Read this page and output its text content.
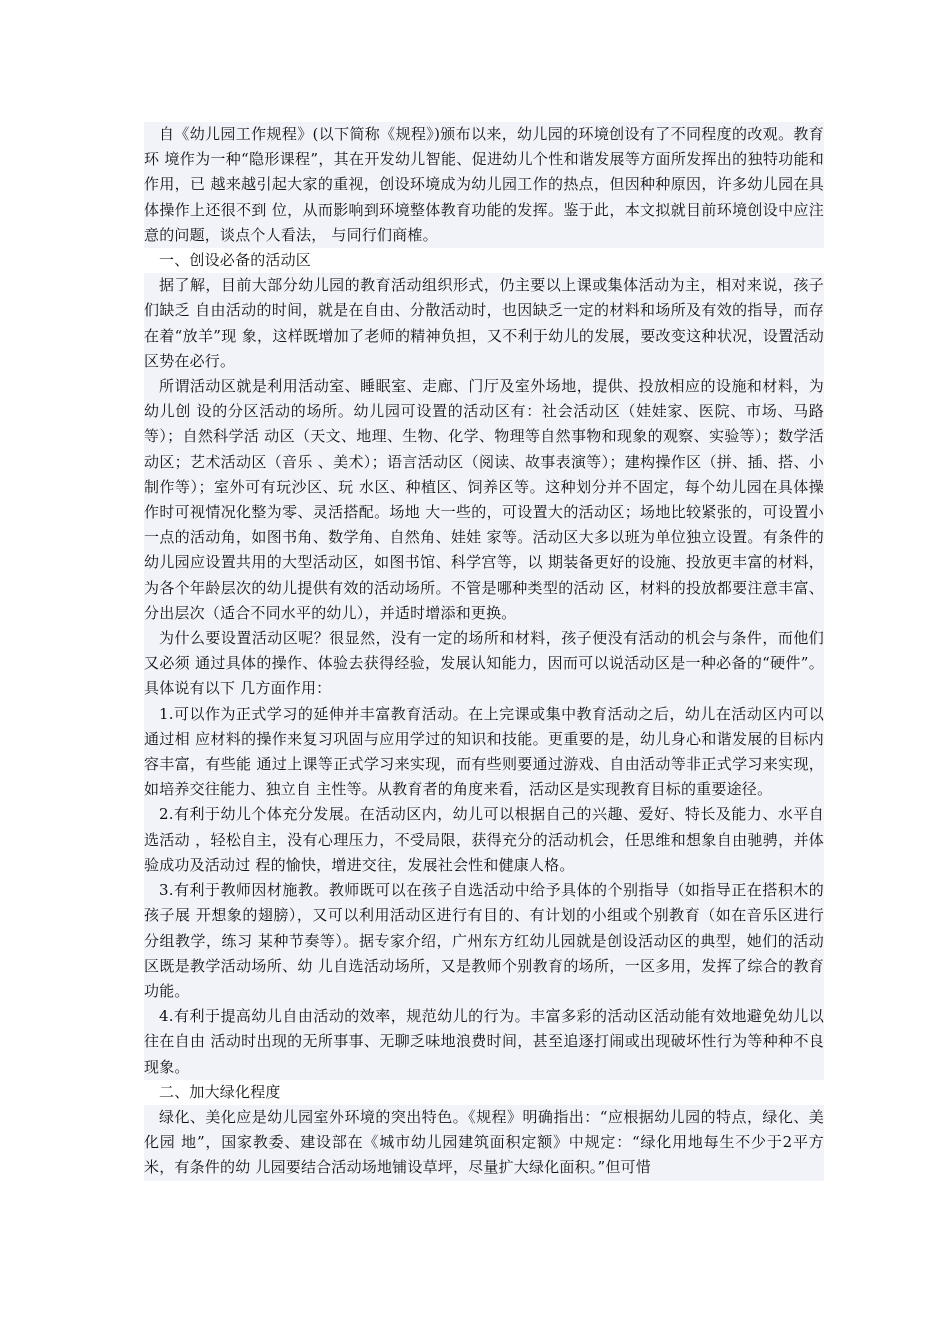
自《幼儿园工作规程》(以下简称《规程》)颁布以来，幼儿园的环境创设有了不同程度的改观。教育环 境作为一种“隐形课程”，其在开发幼儿智能、促进幼儿个性和谐发展等方面所发挥出的独特功能和作用，已 越来越引起大家的重视，创设环境成为幼儿园工作的热点，但因种种原因，许多幼儿园在具体操作上还很不到 位，从而影响到环境整体教育功能的发挥。鉴于此，本文拟就目前环境创设中应注意的问题，谈点个人看法， 与同行们商榷。

一、创设必备的活动区

据了解，目前大部分幼儿园的教育活动组织形式，仍主要以上课或集体活动为主，相对来说，孩子们缺乏 自由活动的时间，就是在自由、分散活动时，也因缺乏一定的材料和场所及有效的指导，而存在着“放羊”现 象，这样既增加了老师的精神负担，又不利于幼儿的发展，要改变这种状况，设置活动区势在必行。

所谓活动区就是利用活动室、睡眠室、走廊、门厅及室外场地，提供、投放相应的设施和材料，为幼儿创 设的分区活动的场所。幼儿园可设置的活动区有：社会活动区（娃娃家、医院、市场、马路等）；自然科学活 动区（天文、地理、生物、化学、物理等自然事物和现象的观察、实验等）；数学活动区；艺术活动区（音乐 、美术）；语言活动区（阅读、故事表演等）；建构操作区（拼、插、搭、小制作等）；室外可有玩沙区、玩 水区、种植区、饲养区等。这种划分并不固定，每个幼儿园在具体操作时可视情况化整为零、灵活搭配。场地 大一些的，可设置大的活动区；场地比较紧张的，可设置小一点的活动角，如图书角、数学角、自然角、娃娃 家等。活动区大多以班为单位独立设置。有条件的幼儿园应设置共用的大型活动区，如图书馆、科学宫等，以 期装备更好的设施、投放更丰富的材料，为各个年龄层次的幼儿提供有效的活动场所。不管是哪种类型的活动 区，材料的投放都要注意丰富、分出层次（适合不同水平的幼儿），并适时增添和更换。

为什么要设置活动区呢？很显然，没有一定的场所和材料，孩子便没有活动的机会与条件，而他们又必须 通过具体的操作、体验去获得经验，发展认知能力，因而可以说活动区是一种必备的“硬件”。具体说有以下 几方面作用：

1.可以作为正式学习的延伸并丰富教育活动。在上完课或集中教育活动之后，幼儿在活动区内可以通过相 应材料的操作来复习巩固与应用学过的知识和技能。更重要的是，幼儿身心和谐发展的目标内容丰富，有些能 通过上课等正式学习来实现，而有些则要通过游戏、自由活动等非正式学习来实现，如培养交往能力、独立自 主性等。从教育者的角度来看，活动区是实现教育目标的重要途径。

2.有利于幼儿个体充分发展。在活动区内，幼儿可以根据自己的兴趣、爱好、特长及能力、水平自选活动 ，轻松自主，没有心理压力，不受局限，获得充分的活动机会，任思维和想象自由驰骋，并体验成功及活动过 程的愉快，增进交往，发展社会性和健康人格。

3.有利于教师因材施教。教师既可以在孩子自选活动中给予具体的个别指导（如指导正在搭积木的孩子展 开想象的翅膀），又可以利用活动区进行有目的、有计划的小组或个别教育（如在音乐区进行分组教学，练习 某种节奏等）。据专家介绍，广州东方红幼儿园就是创设活动区的典型，她们的活动区既是教学活动场所、幼 儿自选活动场所，又是教师个别教育的场所，一区多用，发挥了综合的教育功能。

4.有利于提高幼儿自由活动的效率，规范幼儿的行为。丰富多彩的活动区活动能有效地避免幼儿以往在自由 活动时出现的无所事事、无聊乏味地浪费时间，甚至追逐打闹或出现破坏性行为等种种不良现象。

二、加大绿化程度

绿化、美化应是幼儿园室外环境的突出特色。《规程》明确指出：“应根据幼儿园的特点，绿化、美化园 地”，国家教委、建设部在《城市幼儿园建筑面积定额》中规定：“绿化用地每生不少于2平方米，有条件的幼 儿园要结合活动场地铺设草坪，尽量扩大绿化面积。”但可惜
